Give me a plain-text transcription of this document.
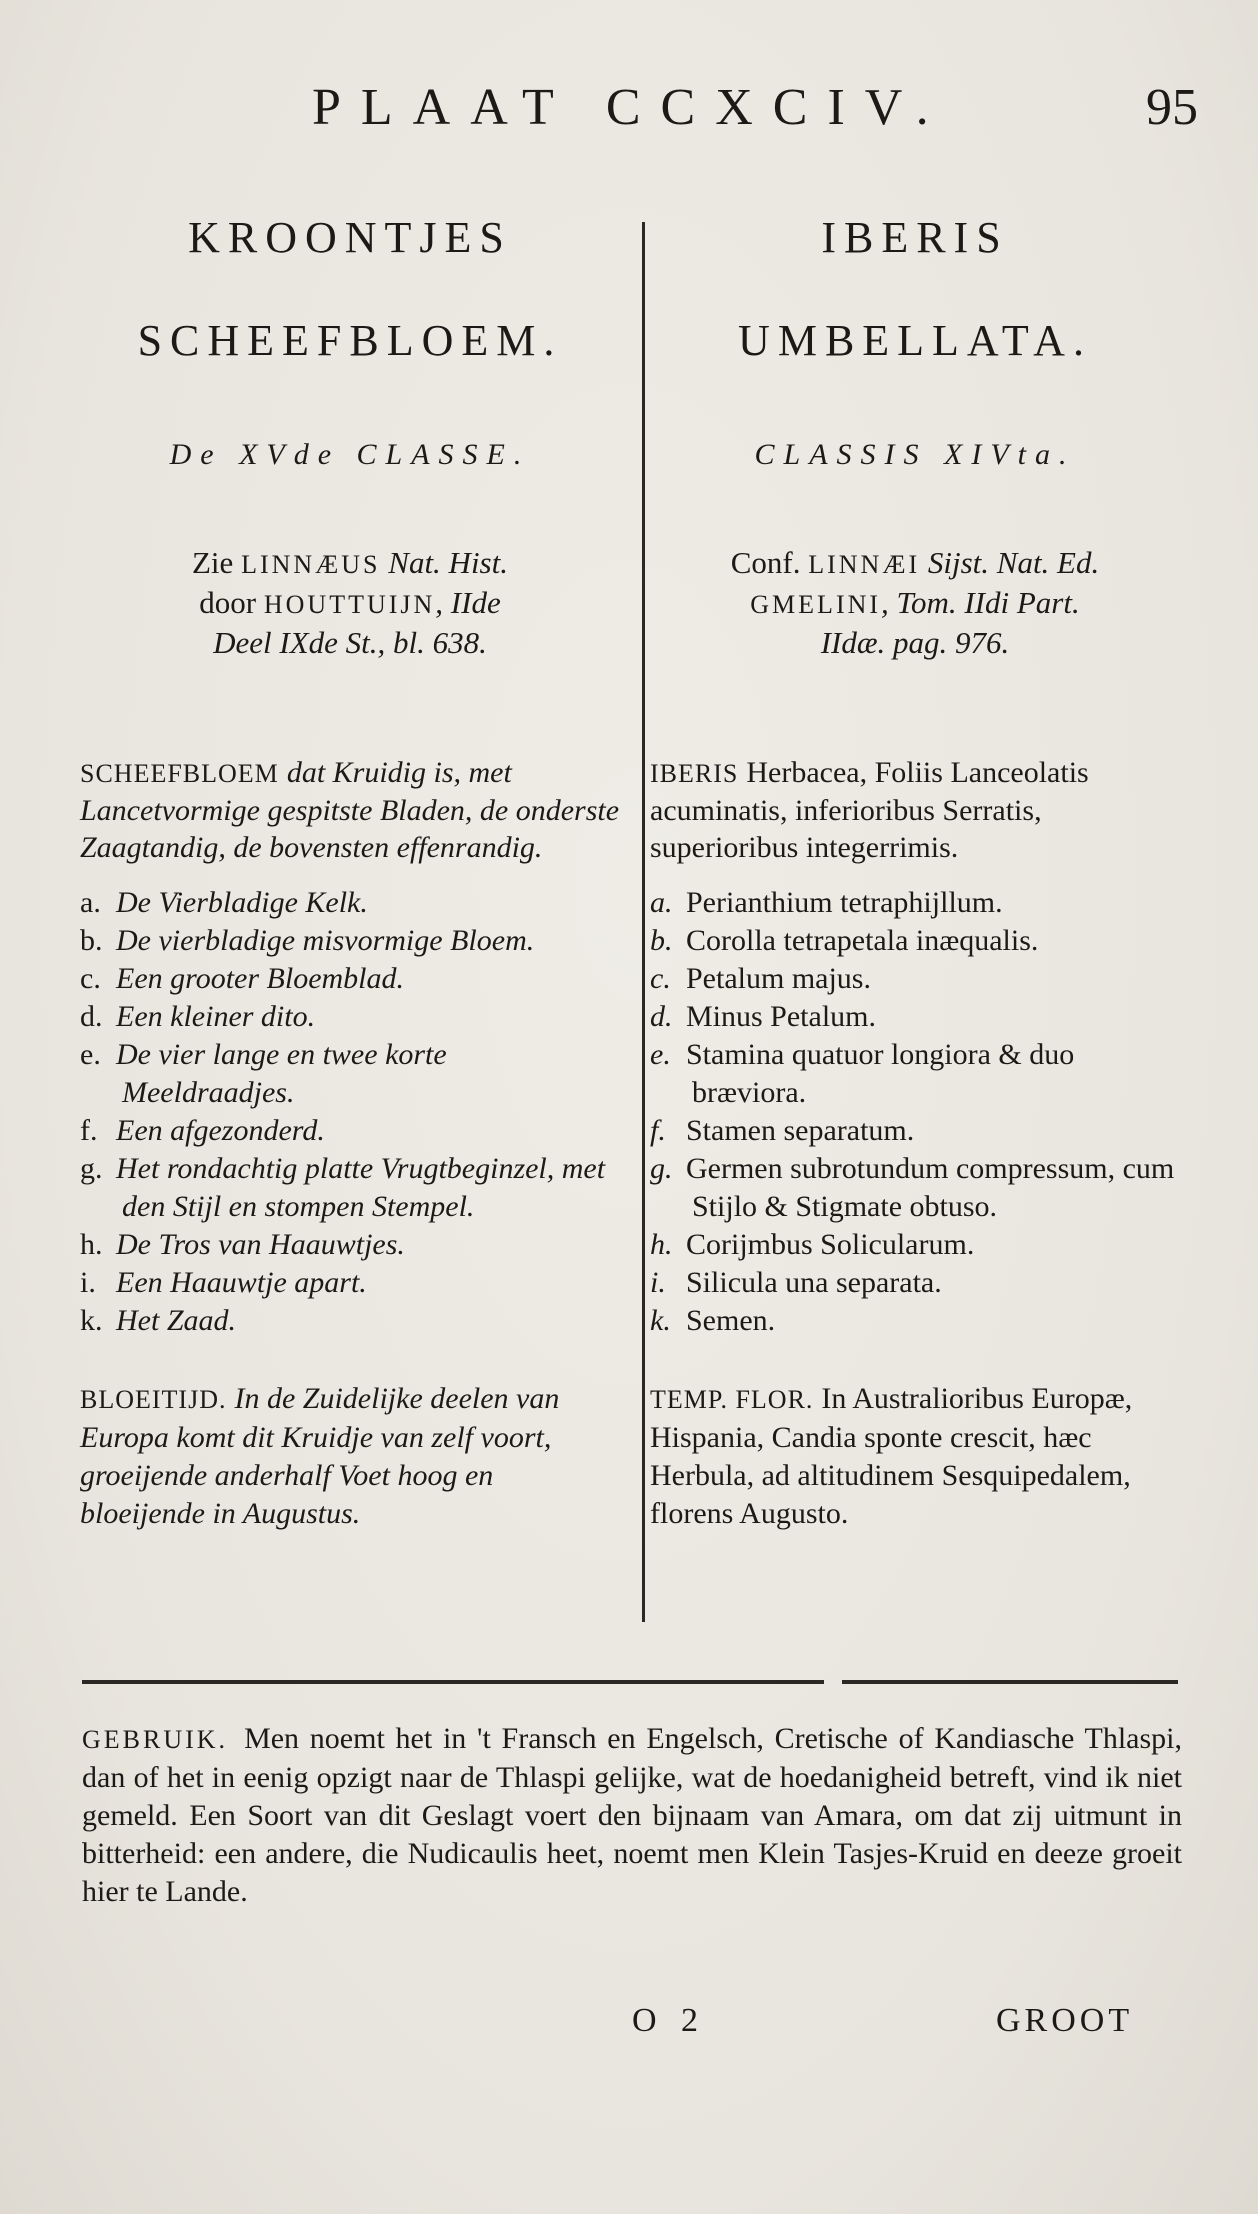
PLAAT CCXCIV.	95
KROONTJES
SCHEEFBLOEM.
De XVde CLASSE.
Zie LINNÆUS Nat. Hist.
door HOUTTUIJN, IIde
Deel IXde St., bl. 638.
SCHEEFBLOEM dat Kruidig is, met Lancetvormige gespitste Bladen, de onderste Zaagtandig, de bovensten effenrandig.
a. De Vierbladige Kelk.
b. De vierbladige misvormige Bloem.
c. Een grooter Bloemblad.
d. Een kleiner dito.
e. De vier lange en twee korte Meeldraadjes.
f. Een afgezonderd.
g. Het rondachtig platte Vrugtbeginzel, met den Stijl en stompen Stempel.
h. De Tros van Haauwtjes.
i. Een Haauwtje apart.
k. Het Zaad.
BLOEITIJD. In de Zuidelijke deelen van Europa komt dit Kruidje van zelf voort, groeijende anderhalf Voet hoog en bloeijende in Augustus.
IBERIS
UMBELLATA.
CLASSIS XIVta.
Conf. LINNÆI Sijst. Nat. Ed.
GMELINI, Tom. IIdi Part.
IIdæ. pag. 976.
IBERIS Herbacea, Foliis Lanceolatis acuminatis, inferioribus Serratis, superioribus integerrimis.
a. Perianthium tetraphijllum.
b. Corolla tetrapetala inæqualis.
c. Petalum majus.
d. Minus Petalum.
e. Stamina quatuor longiora & duo bræviora.
f. Stamen separatum.
g. Germen subrotundum compressum, cum Stijlo & Stigmate obtuso.
h. Corijmbus Solicularum.
i. Silicula una separata.
k. Semen.
TEMP. FLOR. In Australioribus Europæ, Hispania, Candia sponte crescit, hæc Herbula, ad altitudinem Sesquipedalem, florens Augusto.
GEBRUIK. Men noemt het in 't Fransch en Engelsch, Cretische of Kandiasche Thlaspi, dan of het in eenig opzigt naar de Thlaspi gelijke, wat de hoedanigheid betreft, vind ik niet gemeld. Een Soort van dit Geslagt voert den bijnaam van Amara, om dat zij uitmunt in bitterheid: een andere, die Nudicaulis heet, noemt men Klein Tasjes-Kruid en deeze groeit hier te Lande.
O 2	GROOT
